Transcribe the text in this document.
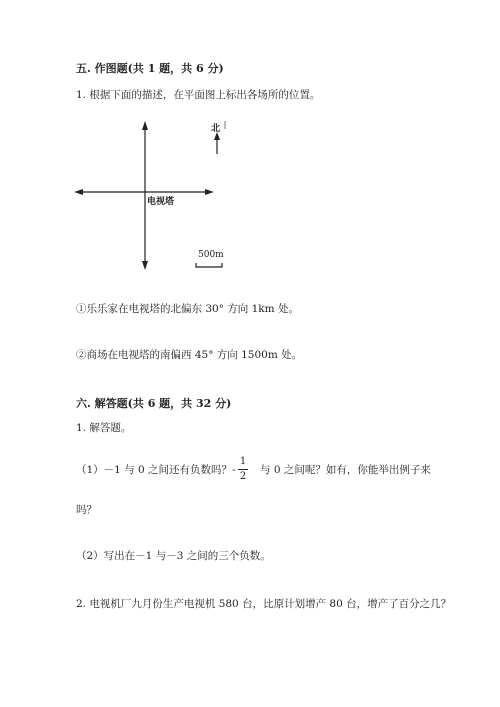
五. 作图题(共 1 题，共 6 分)
1. 根据下面的描述，在平面图上标出各场所的位置。
北
电视塔
500m
①乐乐家在电视塔的北偏东 30° 方向 1km 处。
②商场在电视塔的南偏西 45° 方向 1500m 处。
六. 解答题(共 6 题，共 32 分)
1. 解答题。
（1）－1 与 0 之间还有负数吗？-
1
2
与 0 之间呢？如有，你能举出例子来
吗？
（2）写出在－1 与－3 之间的三个负数。
2. 电视机厂九月份生产电视机 580 台，比原计划增产 80 台，增产了百分之几？
